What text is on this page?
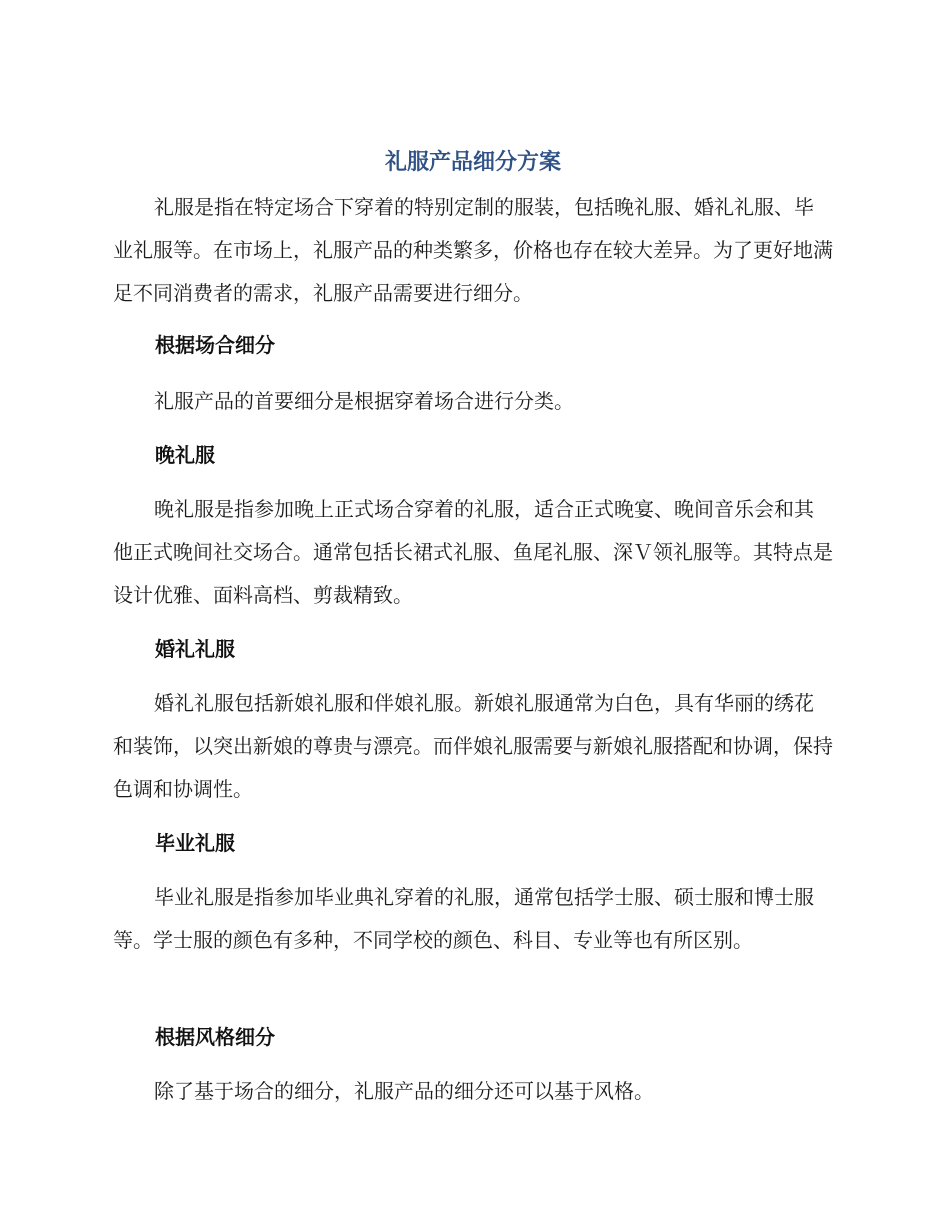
礼服产品细分方案

礼服是指在特定场合下穿着的特别定制的服装，包括晚礼服、婚礼礼服、毕业礼服等。在市场上，礼服产品的种类繁多，价格也存在较大差异。为了更好地满足不同消费者的需求，礼服产品需要进行细分。

根据场合细分

礼服产品的首要细分是根据穿着场合进行分类。

晚礼服

晚礼服是指参加晚上正式场合穿着的礼服，适合正式晚宴、晚间音乐会和其他正式晚间社交场合。通常包括长裙式礼服、鱼尾礼服、深Ｖ领礼服等。其特点是设计优雅、面料高档、剪裁精致。

婚礼礼服

婚礼礼服包括新娘礼服和伴娘礼服。新娘礼服通常为白色，具有华丽的绣花和装饰，以突出新娘的尊贵与漂亮。而伴娘礼服需要与新娘礼服搭配和协调，保持色调和协调性。

毕业礼服

毕业礼服是指参加毕业典礼穿着的礼服，通常包括学士服、硕士服和博士服等。学士服的颜色有多种，不同学校的颜色、科目、专业等也有所区别。

根据风格细分

除了基于场合的细分，礼服产品的细分还可以基于风格。
